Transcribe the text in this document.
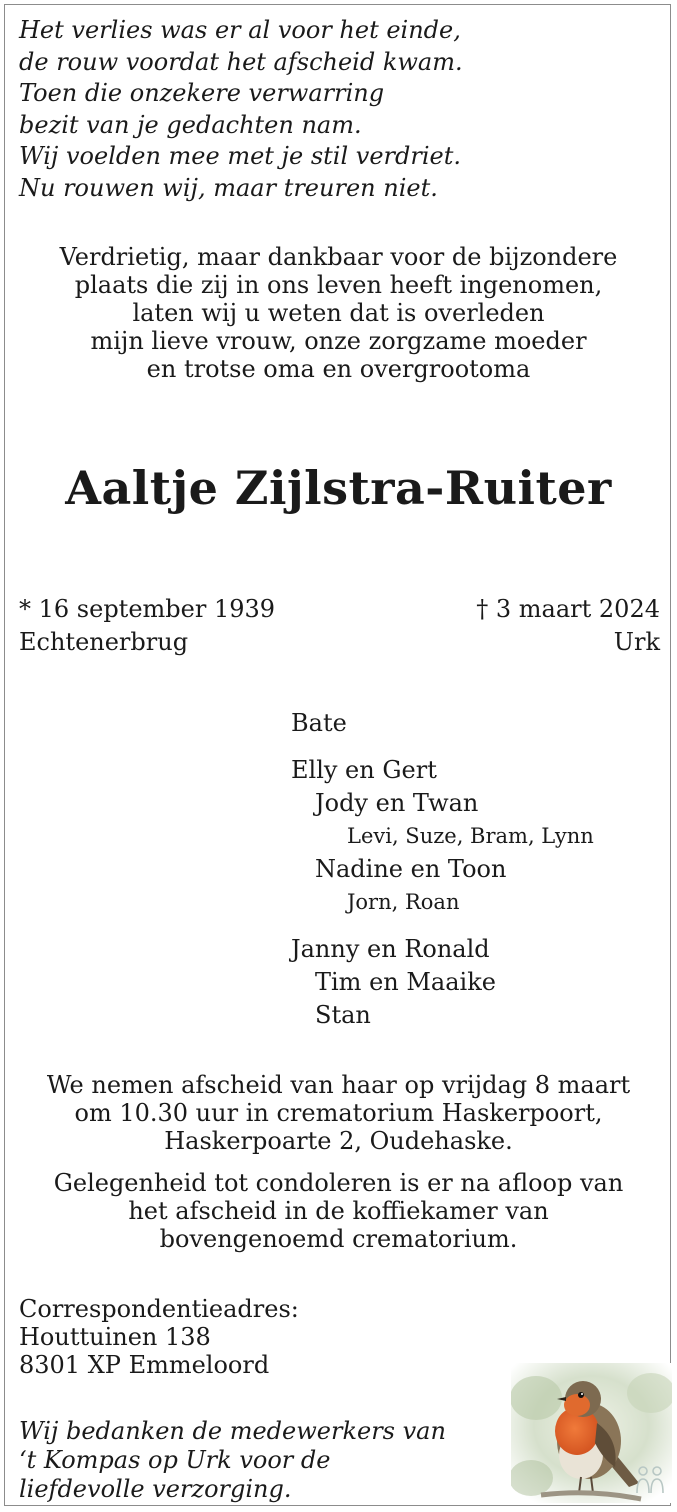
Het verlies was er al voor het einde,
de rouw voordat het afscheid kwam.
Toen die onzekere verwarring
bezit van je gedachten nam.
Wij voelden mee met je stil verdriet.
Nu rouwen wij, maar treuren niet.
Verdrietig, maar dankbaar voor de bijzondere
plaats die zij in ons leven heeft ingenomen,
laten wij u weten dat is overleden
mijn lieve vrouw, onze zorgzame moeder
en trotse oma en overgrootoma
Aaltje Zijlstra-Ruiter
* 16 september 1939
Echtenerbrug
† 3 maart 2024
Urk
Bate
Elly en Gert
Jody en Twan
Levi, Suze, Bram, Lynn
Nadine en Toon
Jorn, Roan
Janny en Ronald
Tim en Maaike
Stan
We nemen afscheid van haar op vrijdag 8 maart
om 10.30 uur in crematorium Haskerpoort,
Haskerpoarte 2, Oudehaske.
Gelegenheid tot condoleren is er na afloop van
het afscheid in de koffiekamer van
bovengenoemd crematorium.
Correspondentieadres:
Houttuinen 138
8301 XP Emmeloord
Wij bedanken de medewerkers van
‘t Kompas op Urk voor de
liefdevolle verzorging.
